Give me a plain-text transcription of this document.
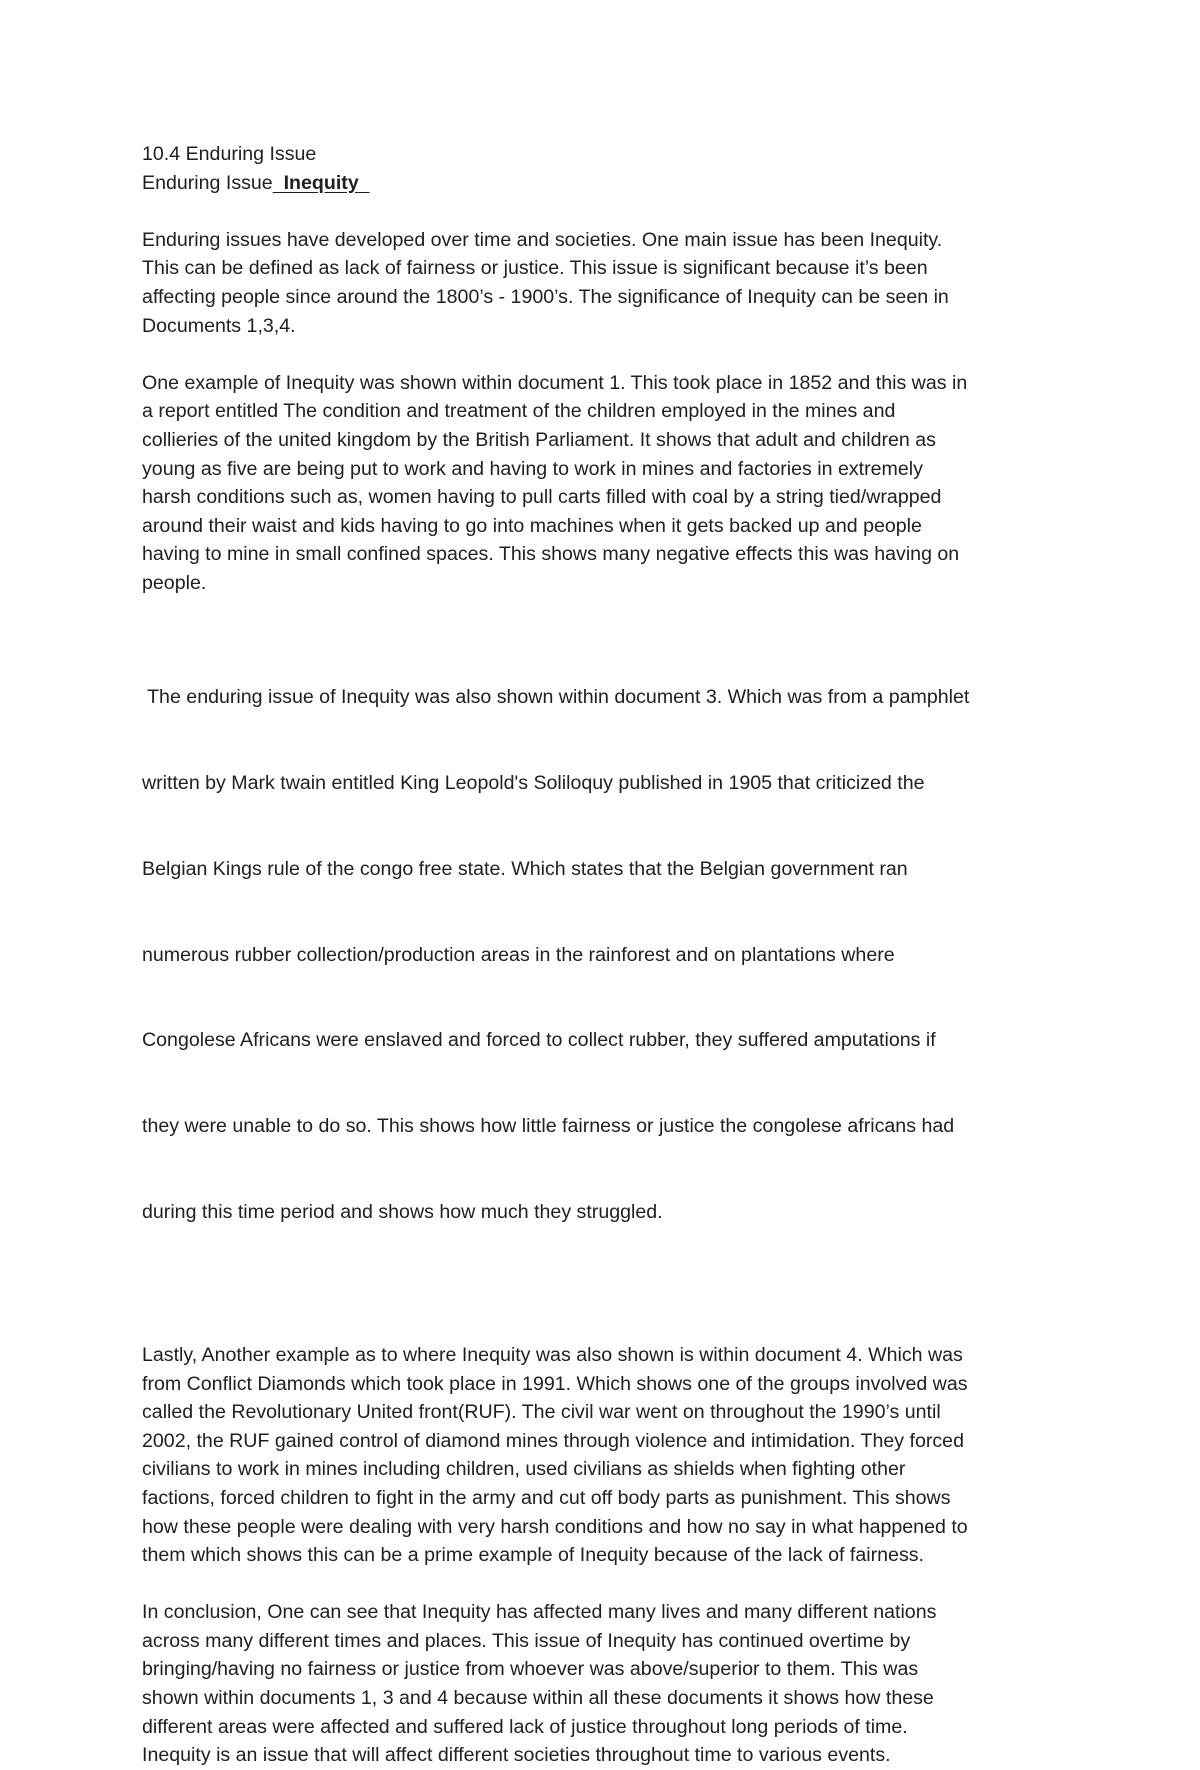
10.4 Enduring Issue
Enduring Issue  Inequity
Enduring issues have developed over time and societies. One main issue has been Inequity.
This can be defined as lack of fairness or justice. This issue is significant because it’s been
affecting people since around the 1800’s - 1900’s. The significance of Inequity can be seen in
Documents 1,3,4.
One example of Inequity was shown within document 1. This took place in 1852 and this was in
a report entitled The condition and treatment of the children employed in the mines and
collieries of the united kingdom by the British Parliament. It shows that adult and children as
young as five are being put to work and having to work in mines and factories in extremely
harsh conditions such as, women having to pull carts filled with coal by a string tied/wrapped
around their waist and kids having to go into machines when it gets backed up and people
having to mine in small confined spaces. This shows many negative effects this was having on
people.

The enduring issue of Inequity was also shown within document 3. Which was from a pamphlet

written by Mark twain entitled King Leopold's Soliloquy published in 1905 that criticized the

Belgian Kings rule of the congo free state. Which states that the Belgian government ran

numerous rubber collection/production areas in the rainforest and on plantations where

Congolese Africans were enslaved and forced to collect rubber, they suffered amputations if

they were unable to do so. This shows how little fairness or justice the congolese africans had

during this time period and shows how much they struggled.

Lastly, Another example as to where Inequity was also shown is within document 4. Which was
from Conflict Diamonds which took place in 1991. Which shows one of the groups involved was
called the Revolutionary United front(RUF). The civil war went on throughout the 1990’s until
2002, the RUF gained control of diamond mines through violence and intimidation. They forced
civilians to work in mines including children, used civilians as shields when fighting other
factions, forced children to fight in the army and cut off body parts as punishment. This shows
how these people were dealing with very harsh conditions and how no say in what happened to
them which shows this can be a prime example of Inequity because of the lack of fairness.
In conclusion, One can see that Inequity has affected many lives and many different nations
across many different times and places. This issue of Inequity has continued overtime by
bringing/having no fairness or justice from whoever was above/superior to them. This was
shown within documents 1, 3 and 4 because within all these documents it shows how these
different areas were affected and suffered lack of justice throughout long periods of time.
Inequity is an issue that will affect different societies throughout time to various events.
